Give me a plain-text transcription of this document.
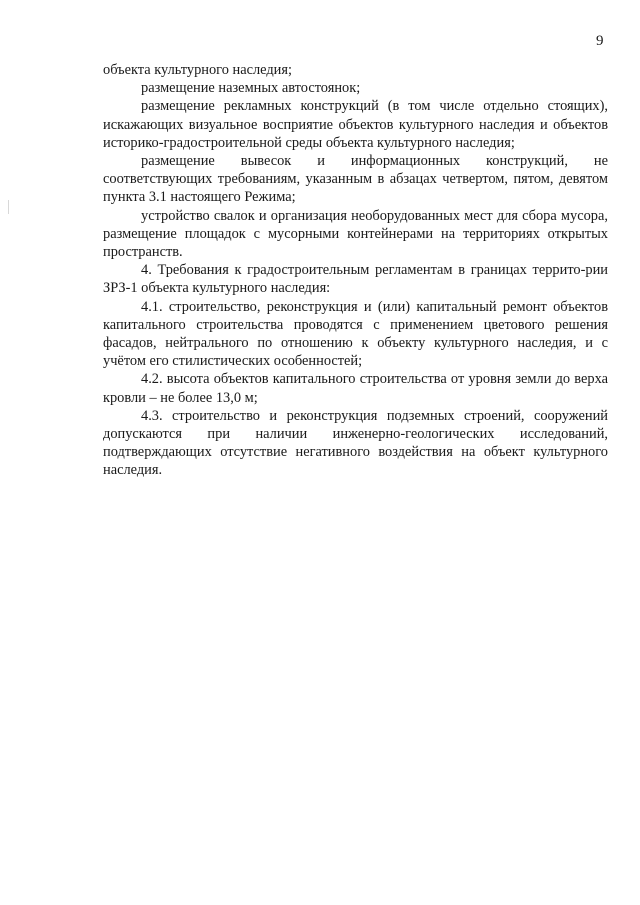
9

объекта культурного наследия;

размещение наземных автостоянок;

размещение рекламных конструкций (в том числе отдельно стоящих), искажающих визуальное восприятие объектов культурного наследия и объектов историко-градостроительной среды объекта культурного наследия;

размещение вывесок и информационных конструкций, не соответствующих требованиям, указанным в абзацах четвертом, пятом, девятом пункта 3.1 настоящего Режима;

устройство свалок и организация необорудованных мест для сбора мусора, размещение площадок с мусорными контейнерами на территориях открытых пространств.

4. Требования к градостроительным регламентам в границах террито-рии ЗРЗ-1 объекта культурного наследия:

4.1. строительство, реконструкция и (или) капитальный ремонт объектов капитального строительства проводятся с применением цветового решения фасадов, нейтрального по отношению к объекту культурного наследия, и с учётом его стилистических особенностей;

4.2. высота объектов капитального строительства от уровня земли до верха кровли – не более 13,0 м;

4.3. строительство и реконструкция подземных строений, сооружений допускаются при наличии инженерно-геологических исследований, подтверждающих отсутствие негативного воздействия на объект культурного наследия.
